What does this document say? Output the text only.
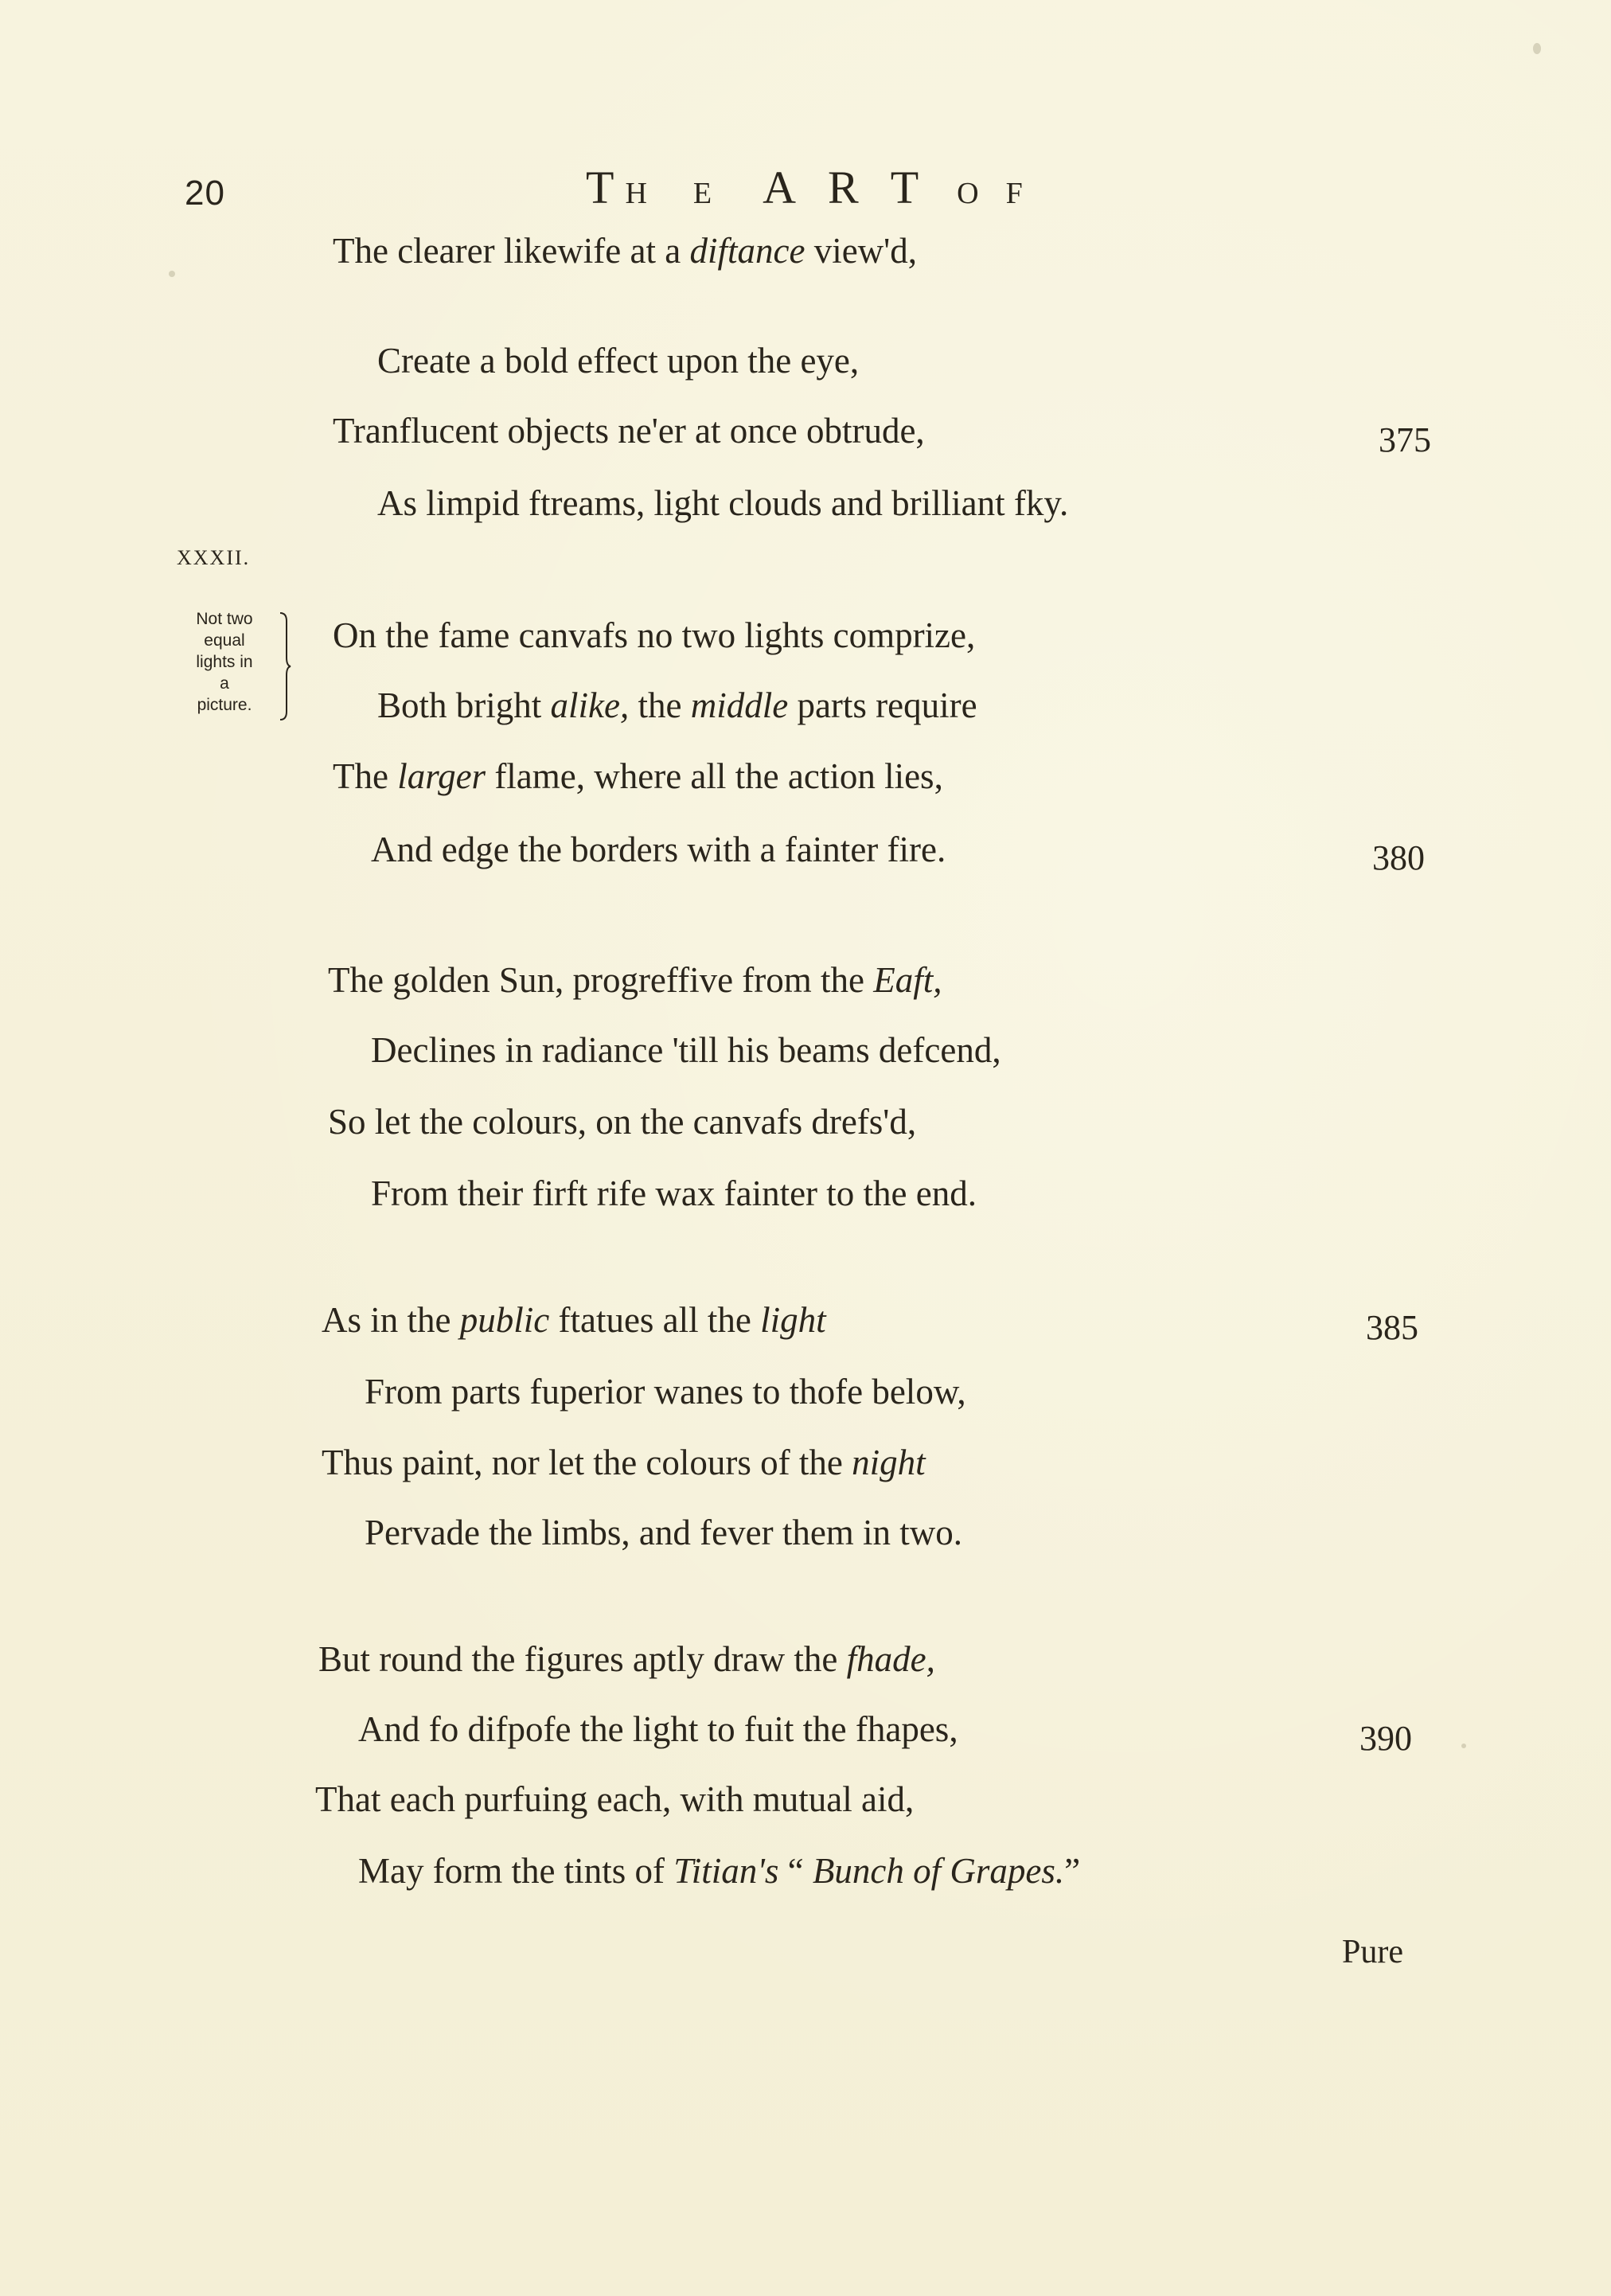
20	T H E A R T O F
XXXII.
Not two
equal
lights in
a
picture.
The clearer likewife at a diftance view'd,
Create a bold effect upon the eye,
Tranflucent objects ne'er at once obtrude,
As limpid ftreams, light clouds and brilliant fky.
375
On the fame canvafs no two lights comprize,
Both bright alike, the middle parts require
The larger flame, where all the action lies,
And edge the borders with a fainter fire.	380
The golden Sun, progreffive from the Eaft,
Declines in radiance 'till his beams defcend,
So let the colours, on the canvafs drefs'd,
From their firft rife wax fainter to the end.
As in the public ftatues all the light
From parts fuperior wanes to thofe below,
Thus paint, nor let the colours of the night
Pervade the limbs, and fever them in two.
385
But round the figures aptly draw the fhade,
And fo difpofe the light to fuit the fhapes,
That each purfuing each, with mutual aid,
May form the tints of Titian's “ Bunch of Grapes.”
390
Pure
